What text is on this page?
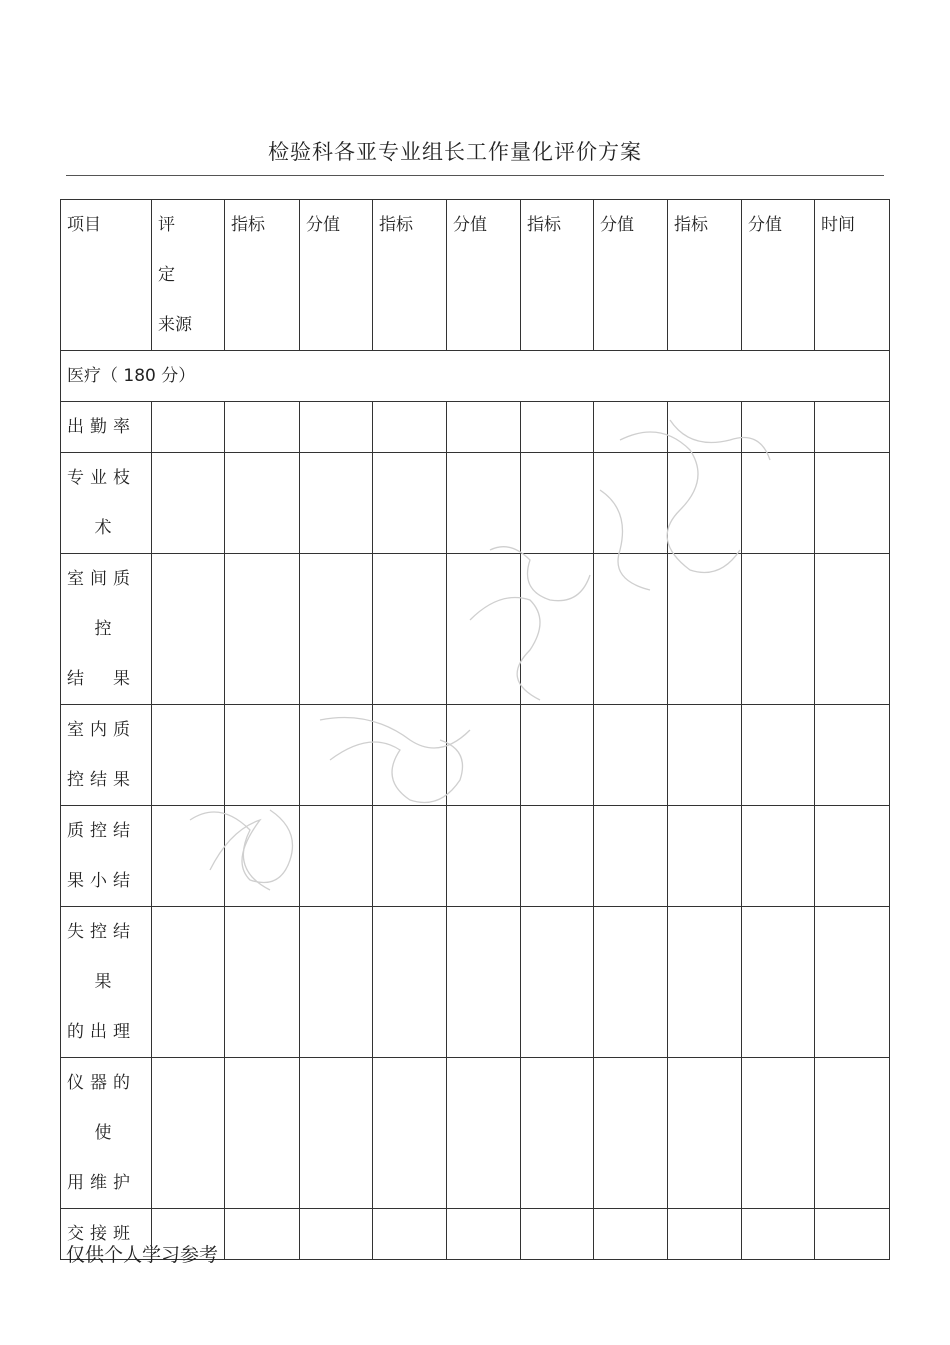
检验科各亚专业组长工作量化评价方案
项目	评
定
来源	指标	分值	指标	分值	指标	分值	指标	分值	时间
医疗（ 180 分）										

出勤率										

专业枝
术										

室间质
控
结　果										

室内质
控结果										

质控结
果小结										

失控结
果
的出理										

仪器的
使
用维护										

交接班										

仅供个人学习参考
